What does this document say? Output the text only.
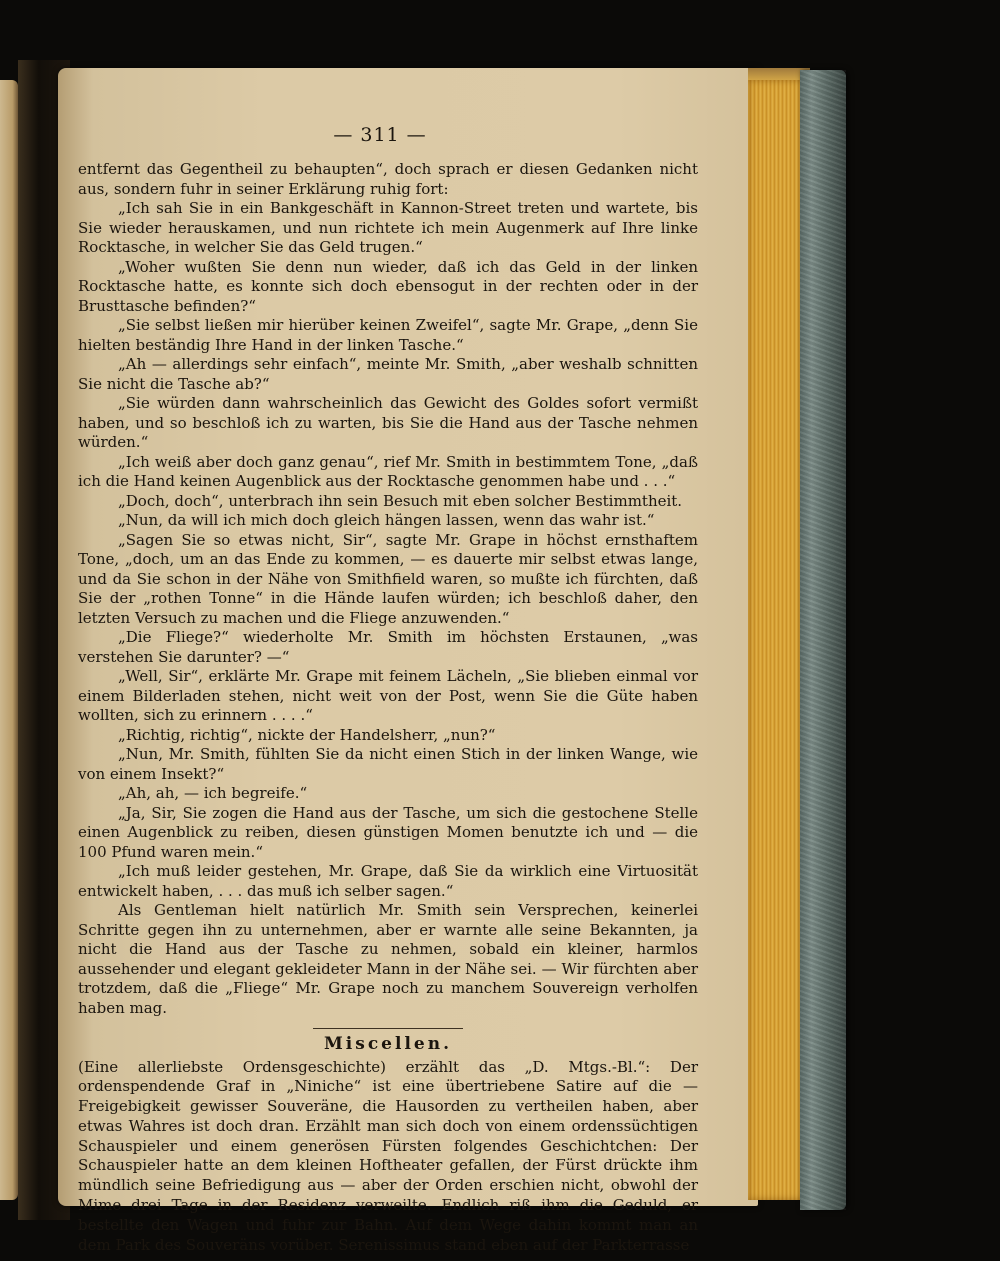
— 311 —

entfernt das Gegentheil zu behaupten“, doch sprach er diesen Gedanken nicht aus, sondern fuhr in seiner Erklärung ruhig fort:

„Ich sah Sie in ein Bankgeschäft in Kannon-Street treten und wartete, bis Sie wieder herauskamen, und nun richtete ich mein Augenmerk auf Ihre linke Rocktasche, in welcher Sie das Geld trugen.“

„Woher wußten Sie denn nun wieder, daß ich das Geld in der linken Rocktasche hatte, es konnte sich doch ebensogut in der rechten oder in der Brusttasche befinden?“

„Sie selbst ließen mir hierüber keinen Zweifel“, sagte Mr. Grape, „denn Sie hielten beständig Ihre Hand in der linken Tasche.“

„Ah — allerdings sehr einfach“, meinte Mr. Smith, „aber weshalb schnitten Sie nicht die Tasche ab?“

„Sie würden dann wahrscheinlich das Gewicht des Goldes sofort vermißt haben, und so beschloß ich zu warten, bis Sie die Hand aus der Tasche nehmen würden.“

„Ich weiß aber doch ganz genau“, rief Mr. Smith in bestimmtem Tone, „daß ich die Hand keinen Augenblick aus der Rocktasche genommen habe und . . .“

„Doch, doch“, unterbrach ihn sein Besuch mit eben solcher Bestimmtheit.

„Nun, da will ich mich doch gleich hängen lassen, wenn das wahr ist.“

„Sagen Sie so etwas nicht, Sir“, sagte Mr. Grape in höchst ernsthaftem Tone, „doch, um an das Ende zu kommen, — es dauerte mir selbst etwas lange, und da Sie schon in der Nähe von Smithfield waren, so mußte ich fürchten, daß Sie der „rothen Tonne“ in die Hände laufen würden; ich beschloß daher, den letzten Versuch zu machen und die Fliege anzuwenden.“

„Die Fliege?“ wiederholte Mr. Smith im höchsten Erstaunen, „was verstehen Sie darunter? —“

„Well, Sir“, erklärte Mr. Grape mit feinem Lächeln, „Sie blieben einmal vor einem Bilderladen stehen, nicht weit von der Post, wenn Sie die Güte haben wollten, sich zu erinnern . . . .“

„Richtig, richtig“, nickte der Handelsherr, „nun?“

„Nun, Mr. Smith, fühlten Sie da nicht einen Stich in der linken Wange, wie von einem Insekt?“

„Ah, ah, — ich begreife.“

„Ja, Sir, Sie zogen die Hand aus der Tasche, um sich die gestochene Stelle einen Augenblick zu reiben, diesen günstigen Momen benutzte ich und — die 100 Pfund waren mein.“

„Ich muß leider gestehen, Mr. Grape, daß Sie da wirklich eine Virtuosität entwickelt haben, . . . das muß ich selber sagen.“

Als Gentleman hielt natürlich Mr. Smith sein Versprechen, keinerlei Schritte gegen ihn zu unternehmen, aber er warnte alle seine Bekannten, ja nicht die Hand aus der Tasche zu nehmen, sobald ein kleiner, harmlos aussehender und elegant gekleideter Mann in der Nähe sei. — Wir fürchten aber trotzdem, daß die „Fliege“ Mr. Grape noch zu manchem Souvereign verholfen haben mag.

Miscellen.

(Eine allerliebste Ordensgeschichte) erzählt das „D. Mtgs.-Bl.“: Der ordenspendende Graf in „Niniche“ ist eine übertriebene Satire auf die — Freigebigkeit gewisser Souveräne, die Hausorden zu vertheilen haben, aber etwas Wahres ist doch dran. Erzählt man sich doch von einem ordenssüchtigen Schauspieler und einem generösen Fürsten folgendes Geschichtchen: Der Schauspieler hatte an dem kleinen Hoftheater gefallen, der Fürst drückte ihm mündlich seine Befriedigung aus — aber der Orden erschien nicht, obwohl der Mime drei Tage in der Residenz verweilte. Endlich riß ihm die Geduld, er bestellte den Wagen und fuhr zur Bahn. Auf dem Wege dahin kommt man an dem Park des Souveräns vorüber. Serenissimus stand eben auf der Parkterrasse
